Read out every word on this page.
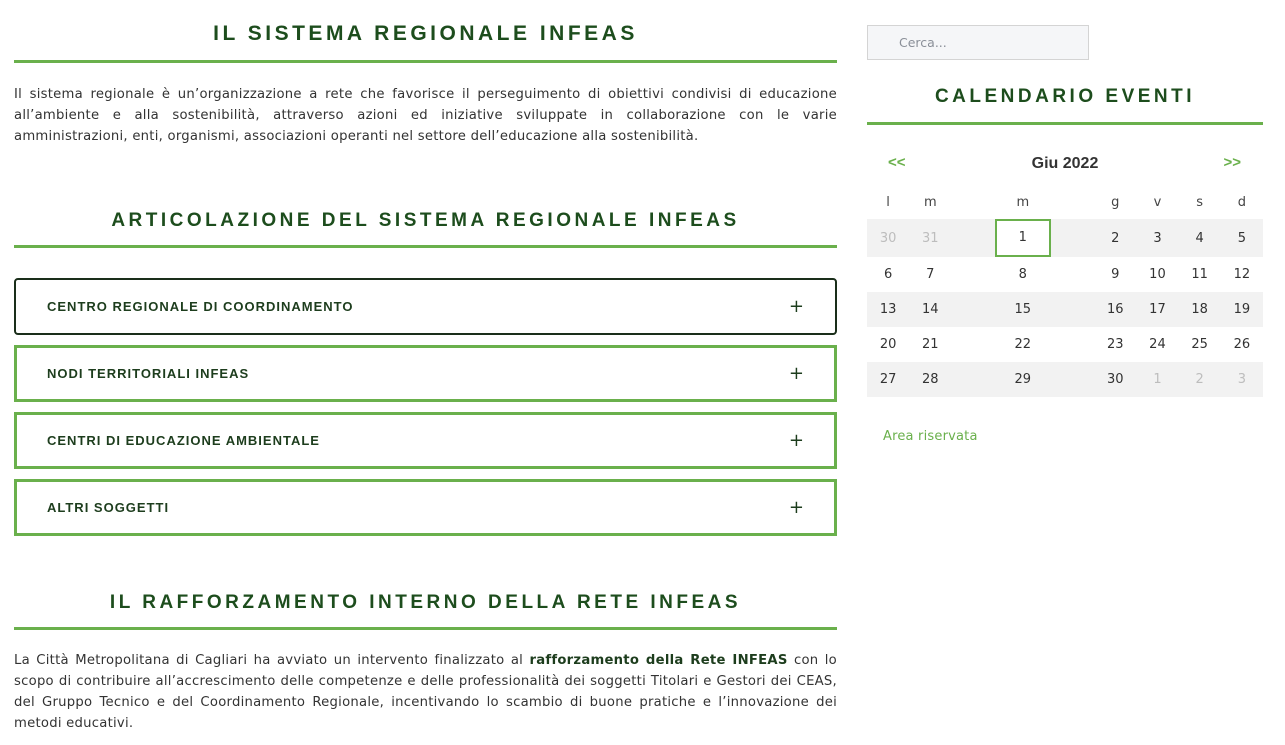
IL SISTEMA REGIONALE INFEAS

Il sistema regionale è un’organizzazione a rete che favorisce il perseguimento di obiettivi condivisi di educazione all’ambiente e alla sostenibilità, attraverso azioni ed iniziative sviluppate in collaborazione con le varie amministrazioni, enti, organismi, associazioni operanti nel settore dell’educazione alla sostenibilità.

ARTICOLAZIONE DEL SISTEMA REGIONALE INFEAS
CENTRO REGIONALE DI COORDINAMENTO	+
NODI TERRITORIALI INFEAS	+
CENTRI DI EDUCAZIONE AMBIENTALE	+
ALTRI SOGGETTI	+
IL RAFFORZAMENTO INTERNO DELLA RETE INFEAS

La Città Metropolitana di Cagliari ha avviato un intervento finalizzato al rafforzamento della Rete INFEAS con lo scopo di contribuire all’accrescimento delle competenze e delle professionalità dei soggetti Titolari e Gestori dei CEAS, del Gruppo Tecnico e del Coordinamento Regionale, incentivando lo scambio di buone pratiche e l’innovazione dei metodi educativi.

Cerca...
CALENDARIO EVENTI
<<	Giu 2022	>>
l	m	m	g	v	s	d
30	31	1	2	3	4	5
6	7	8	9	10	11	12
13	14	15	16	17	18	19
20	21	22	23	24	25	26
27	28	29	30	1	2	3
Area riservata
